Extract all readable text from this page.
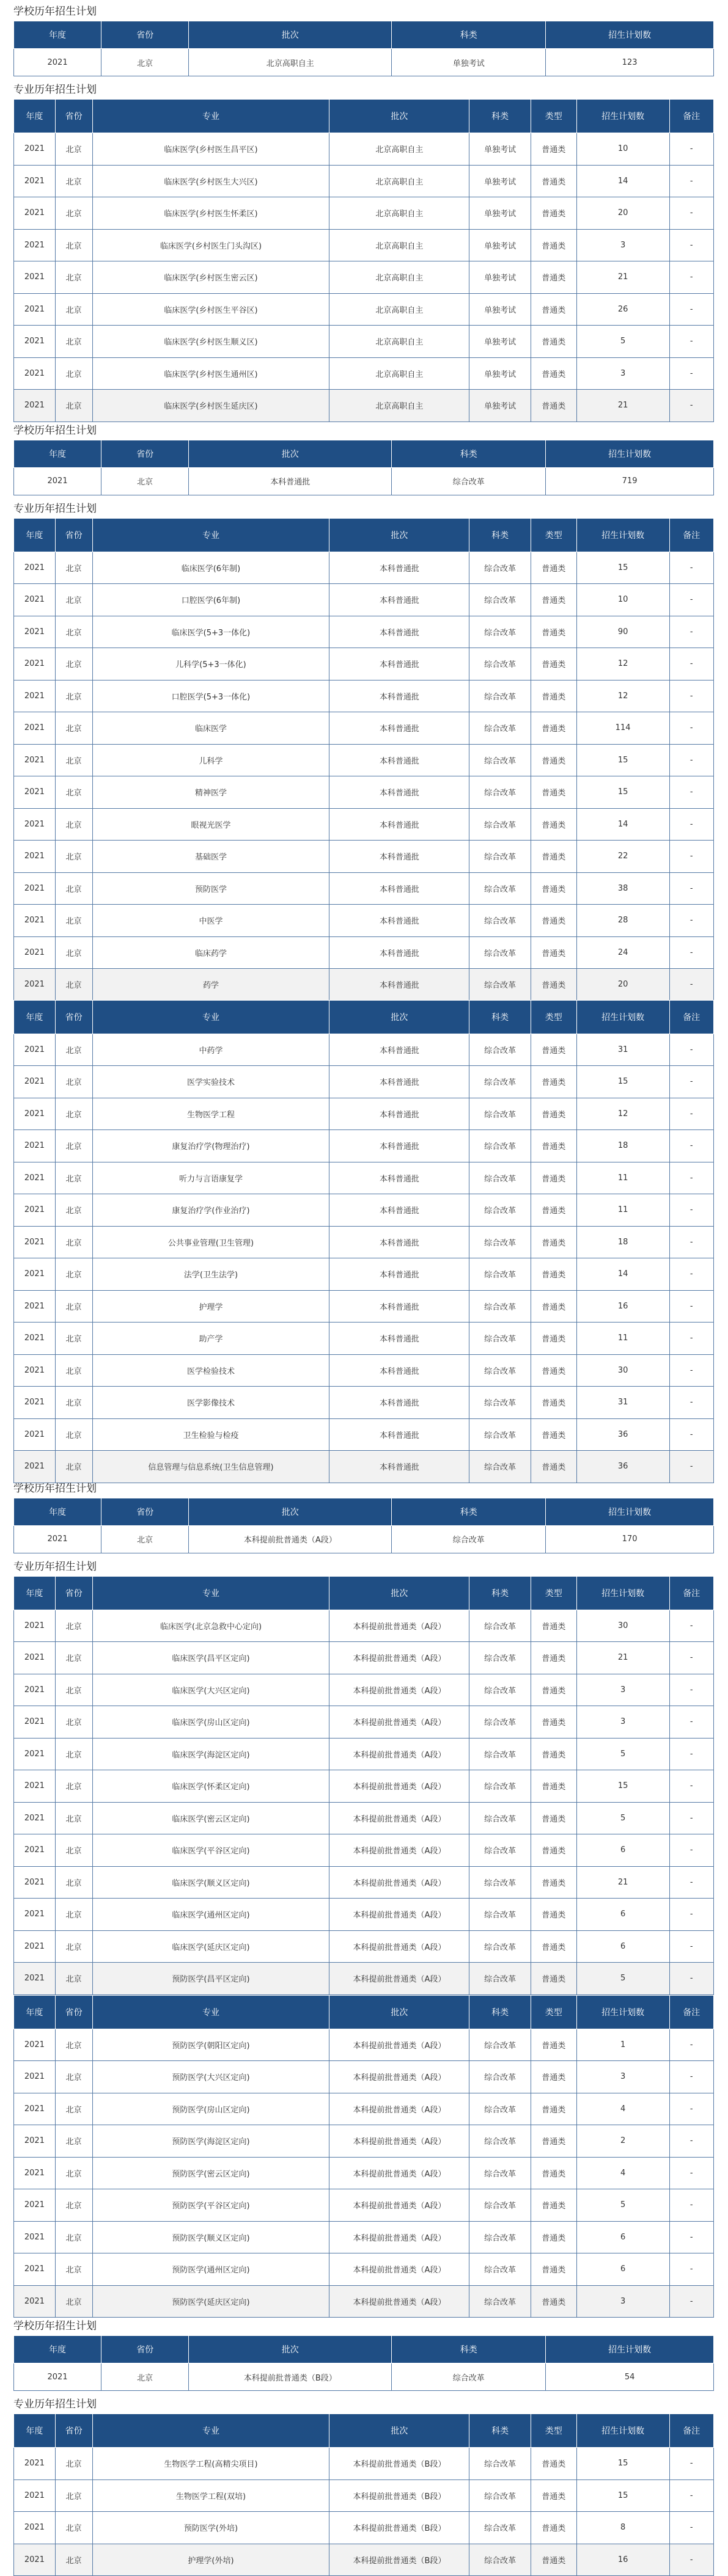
学校历年招生计划
年度	省份	批次	科类	招生计划数
2021	北京	北京高职自主	单独考试	123
专业历年招生计划
年度	省份	专业	批次	科类	类型	招生计划数	备注
2021	北京	临床医学(乡村医生昌平区)	北京高职自主	单独考试	普通类	10	-
2021	北京	临床医学(乡村医生大兴区)	北京高职自主	单独考试	普通类	14	-
2021	北京	临床医学(乡村医生怀柔区)	北京高职自主	单独考试	普通类	20	-
2021	北京	临床医学(乡村医生门头沟区)	北京高职自主	单独考试	普通类	3	-
2021	北京	临床医学(乡村医生密云区)	北京高职自主	单独考试	普通类	21	-
2021	北京	临床医学(乡村医生平谷区)	北京高职自主	单独考试	普通类	26	-
2021	北京	临床医学(乡村医生顺义区)	北京高职自主	单独考试	普通类	5	-
2021	北京	临床医学(乡村医生通州区)	北京高职自主	单独考试	普通类	3	-
2021	北京	临床医学(乡村医生延庆区)	北京高职自主	单独考试	普通类	21	-
学校历年招生计划
年度	省份	批次	科类	招生计划数
2021	北京	本科普通批	综合改革	719
专业历年招生计划
年度	省份	专业	批次	科类	类型	招生计划数	备注
2021	北京	临床医学(6年制)	本科普通批	综合改革	普通类	15	-
2021	北京	口腔医学(6年制)	本科普通批	综合改革	普通类	10	-
2021	北京	临床医学(5+3一体化)	本科普通批	综合改革	普通类	90	-
2021	北京	儿科学(5+3一体化)	本科普通批	综合改革	普通类	12	-
2021	北京	口腔医学(5+3一体化)	本科普通批	综合改革	普通类	12	-
2021	北京	临床医学	本科普通批	综合改革	普通类	114	-
2021	北京	儿科学	本科普通批	综合改革	普通类	15	-
2021	北京	精神医学	本科普通批	综合改革	普通类	15	-
2021	北京	眼视光医学	本科普通批	综合改革	普通类	14	-
2021	北京	基础医学	本科普通批	综合改革	普通类	22	-
2021	北京	预防医学	本科普通批	综合改革	普通类	38	-
2021	北京	中医学	本科普通批	综合改革	普通类	28	-
2021	北京	临床药学	本科普通批	综合改革	普通类	24	-
2021	北京	药学	本科普通批	综合改革	普通类	20	-
年度	省份	专业	批次	科类	类型	招生计划数	备注
2021	北京	中药学	本科普通批	综合改革	普通类	31	-
2021	北京	医学实验技术	本科普通批	综合改革	普通类	15	-
2021	北京	生物医学工程	本科普通批	综合改革	普通类	12	-
2021	北京	康复治疗学(物理治疗)	本科普通批	综合改革	普通类	18	-
2021	北京	听力与言语康复学	本科普通批	综合改革	普通类	11	-
2021	北京	康复治疗学(作业治疗)	本科普通批	综合改革	普通类	11	-
2021	北京	公共事业管理(卫生管理)	本科普通批	综合改革	普通类	18	-
2021	北京	法学(卫生法学)	本科普通批	综合改革	普通类	14	-
2021	北京	护理学	本科普通批	综合改革	普通类	16	-
2021	北京	助产学	本科普通批	综合改革	普通类	11	-
2021	北京	医学检验技术	本科普通批	综合改革	普通类	30	-
2021	北京	医学影像技术	本科普通批	综合改革	普通类	31	-
2021	北京	卫生检验与检疫	本科普通批	综合改革	普通类	36	-
2021	北京	信息管理与信息系统(卫生信息管理)	本科普通批	综合改革	普通类	36	-
学校历年招生计划
年度	省份	批次	科类	招生计划数
2021	北京	本科提前批普通类（A段）	综合改革	170
专业历年招生计划
年度	省份	专业	批次	科类	类型	招生计划数	备注
2021	北京	临床医学(北京急救中心定向)	本科提前批普通类（A段）	综合改革	普通类	30	-
2021	北京	临床医学(昌平区定向)	本科提前批普通类（A段）	综合改革	普通类	21	-
2021	北京	临床医学(大兴区定向)	本科提前批普通类（A段）	综合改革	普通类	3	-
2021	北京	临床医学(房山区定向)	本科提前批普通类（A段）	综合改革	普通类	3	-
2021	北京	临床医学(海淀区定向)	本科提前批普通类（A段）	综合改革	普通类	5	-
2021	北京	临床医学(怀柔区定向)	本科提前批普通类（A段）	综合改革	普通类	15	-
2021	北京	临床医学(密云区定向)	本科提前批普通类（A段）	综合改革	普通类	5	-
2021	北京	临床医学(平谷区定向)	本科提前批普通类（A段）	综合改革	普通类	6	-
2021	北京	临床医学(顺义区定向)	本科提前批普通类（A段）	综合改革	普通类	21	-
2021	北京	临床医学(通州区定向)	本科提前批普通类（A段）	综合改革	普通类	6	-
2021	北京	临床医学(延庆区定向)	本科提前批普通类（A段）	综合改革	普通类	6	-
2021	北京	预防医学(昌平区定向)	本科提前批普通类（A段）	综合改革	普通类	5	-
年度	省份	专业	批次	科类	类型	招生计划数	备注
2021	北京	预防医学(朝阳区定向)	本科提前批普通类（A段）	综合改革	普通类	1	-
2021	北京	预防医学(大兴区定向)	本科提前批普通类（A段）	综合改革	普通类	3	-
2021	北京	预防医学(房山区定向)	本科提前批普通类（A段）	综合改革	普通类	4	-
2021	北京	预防医学(海淀区定向)	本科提前批普通类（A段）	综合改革	普通类	2	-
2021	北京	预防医学(密云区定向)	本科提前批普通类（A段）	综合改革	普通类	4	-
2021	北京	预防医学(平谷区定向)	本科提前批普通类（A段）	综合改革	普通类	5	-
2021	北京	预防医学(顺义区定向)	本科提前批普通类（A段）	综合改革	普通类	6	-
2021	北京	预防医学(通州区定向)	本科提前批普通类（A段）	综合改革	普通类	6	-
2021	北京	预防医学(延庆区定向)	本科提前批普通类（A段）	综合改革	普通类	3	-
学校历年招生计划
年度	省份	批次	科类	招生计划数
2021	北京	本科提前批普通类（B段）	综合改革	54
专业历年招生计划
年度	省份	专业	批次	科类	类型	招生计划数	备注
2021	北京	生物医学工程(高精尖项目)	本科提前批普通类（B段）	综合改革	普通类	15	-
2021	北京	生物医学工程(双培)	本科提前批普通类（B段）	综合改革	普通类	15	-
2021	北京	预防医学(外培)	本科提前批普通类（B段）	综合改革	普通类	8	-
2021	北京	护理学(外培)	本科提前批普通类（B段）	综合改革	普通类	16	-
